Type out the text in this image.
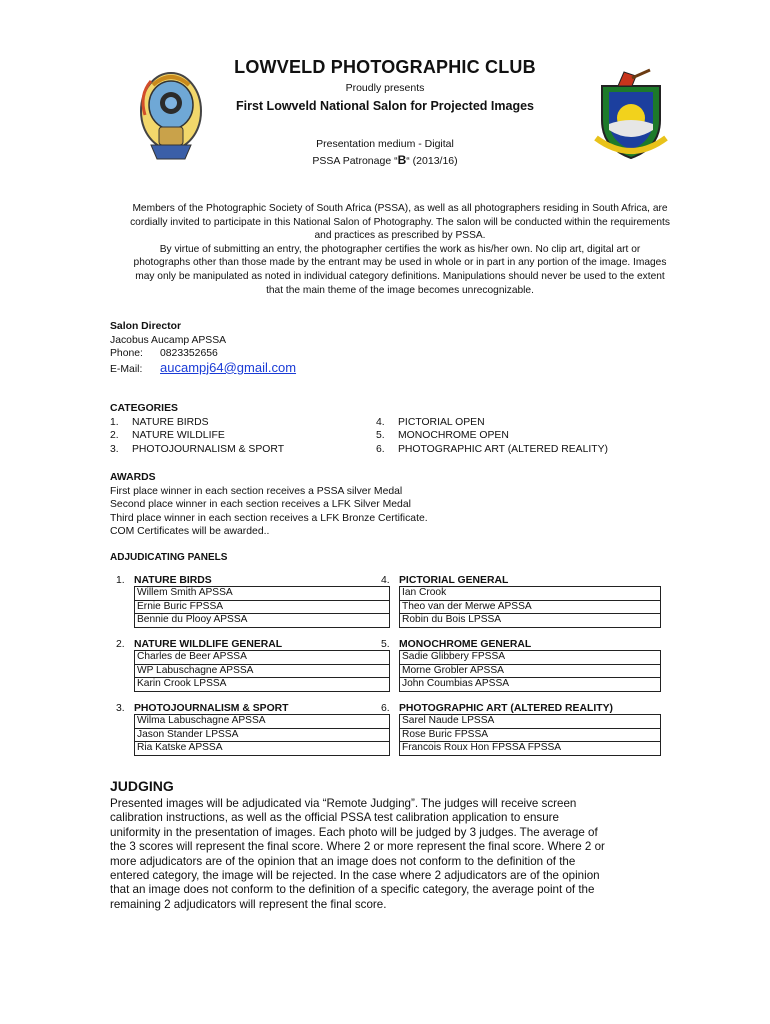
LOWVELD PHOTOGRAPHIC CLUB
Proudly presents
First Lowveld National Salon for Projected Images
Presentation medium - Digital
PSSA Patronage “B“ (2013/16)

Members of the Photographic Society of South Africa (PSSA), as well as all photographers residing in South Africa, are cordially invited to participate in this National Salon of Photography. The salon will be conducted within the requirements and practices as prescribed by PSSA.

By virtue of submitting an entry, the photographer certifies the work as his/her own. No clip art, digital art or photographs other than those made by the entrant may be used in whole or in part in any portion of the image. Images may only be manipulated as noted in individual category definitions. Manipulations should never be used to the extent that the main theme of the image becomes unrecognizable.

Salon Director
Jacobus Aucamp APSSA
Phone: 0823352656
E-Mail: aucampj64@gmail.com
CATEGORIES
1. NATURE BIRDS
2. NATURE WILDLIFE
3. PHOTOJOURNALISM & SPORT
4. PICTORIAL OPEN
5. MONOCHROME OPEN
6. PHOTOGRAPHIC ART (ALTERED REALITY)
AWARDS
First place winner in each section receives a PSSA silver Medal
Second place winner in each section receives a LFK Silver Medal
Third place winner in each section receives a LFK Bronze Certificate.
COM Certificates will be awarded..
ADJUDICATING PANELS
1. NATURE BIRDS
Willem Smith APSSA
Ernie Buric FPSSA
Bennie du Plooy APSSA
4. PICTORIAL GENERAL
Ian Crook
Theo van der Merwe APSSA
Robin du Bois LPSSA
2. NATURE WILDLIFE GENERAL
Charles de Beer APSSA
WP Labuschagne APSSA
Karin Crook LPSSA
5. MONOCHROME GENERAL
Sadie Glibbery FPSSA
Morne Grobler APSSA
John Coumbias APSSA
3. PHOTOJOURNALISM & SPORT
Wilma Labuschagne APSSA
Jason Stander LPSSA
Ria Katske APSSA
6. PHOTOGRAPHIC ART (ALTERED REALITY)
Sarel Naude LPSSA
Rose Buric FPSSA
Francois Roux Hon FPSSA FPSSA
JUDGING
Presented images will be adjudicated via “Remote Judging”. The judges will receive screen calibration instructions, as well as the official PSSA test calibration application to ensure uniformity in the presentation of images. Each photo will be judged by 3 judges. The average of the 3 scores will represent the final score. Where 2 or more represent the final score. Where 2 or more adjudicators are of the opinion that an image does not conform to the definition of the entered category, the image will be rejected. In the case where 2 adjudicators are of the opinion that an image does not conform to the definition of a specific category, the average point of the remaining 2 adjudicators will represent the final score.
